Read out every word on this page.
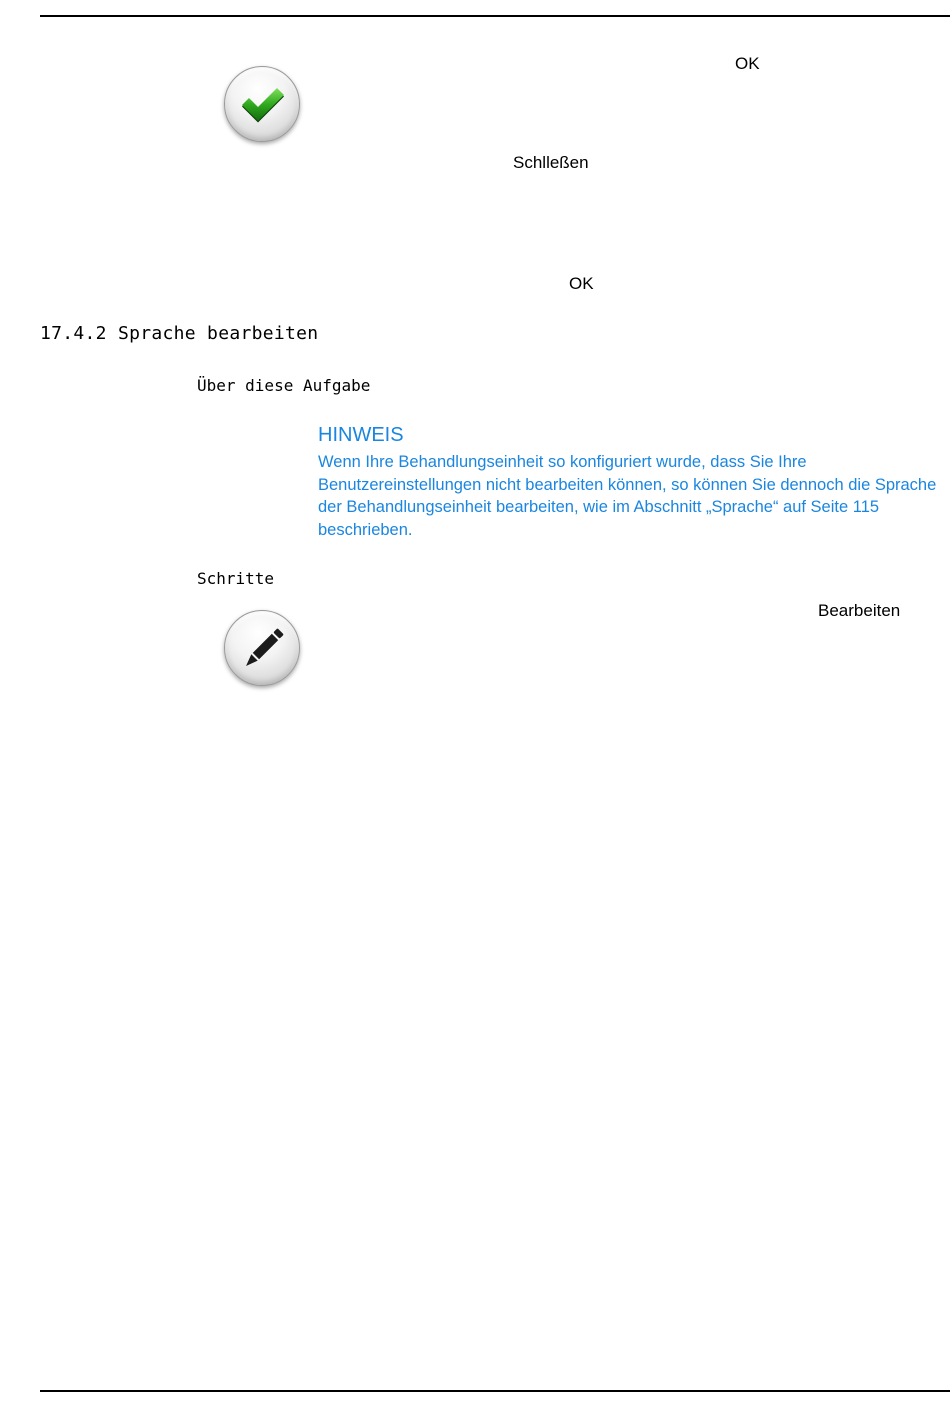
OK
Schlleßen
OK
17.4.2 Sprache bearbeiten
Über diese Aufgabe
HINWEIS

Wenn Ihre Behandlungseinheit so konfiguriert wurde, dass Sie Ihre Benutzereinstellungen nicht bearbeiten können, so können Sie dennoch die Sprache der Behandlungseinheit bearbeiten, wie im Abschnitt „Sprache“ auf Seite 115 beschrieben.

Schritte
Bearbeiten
